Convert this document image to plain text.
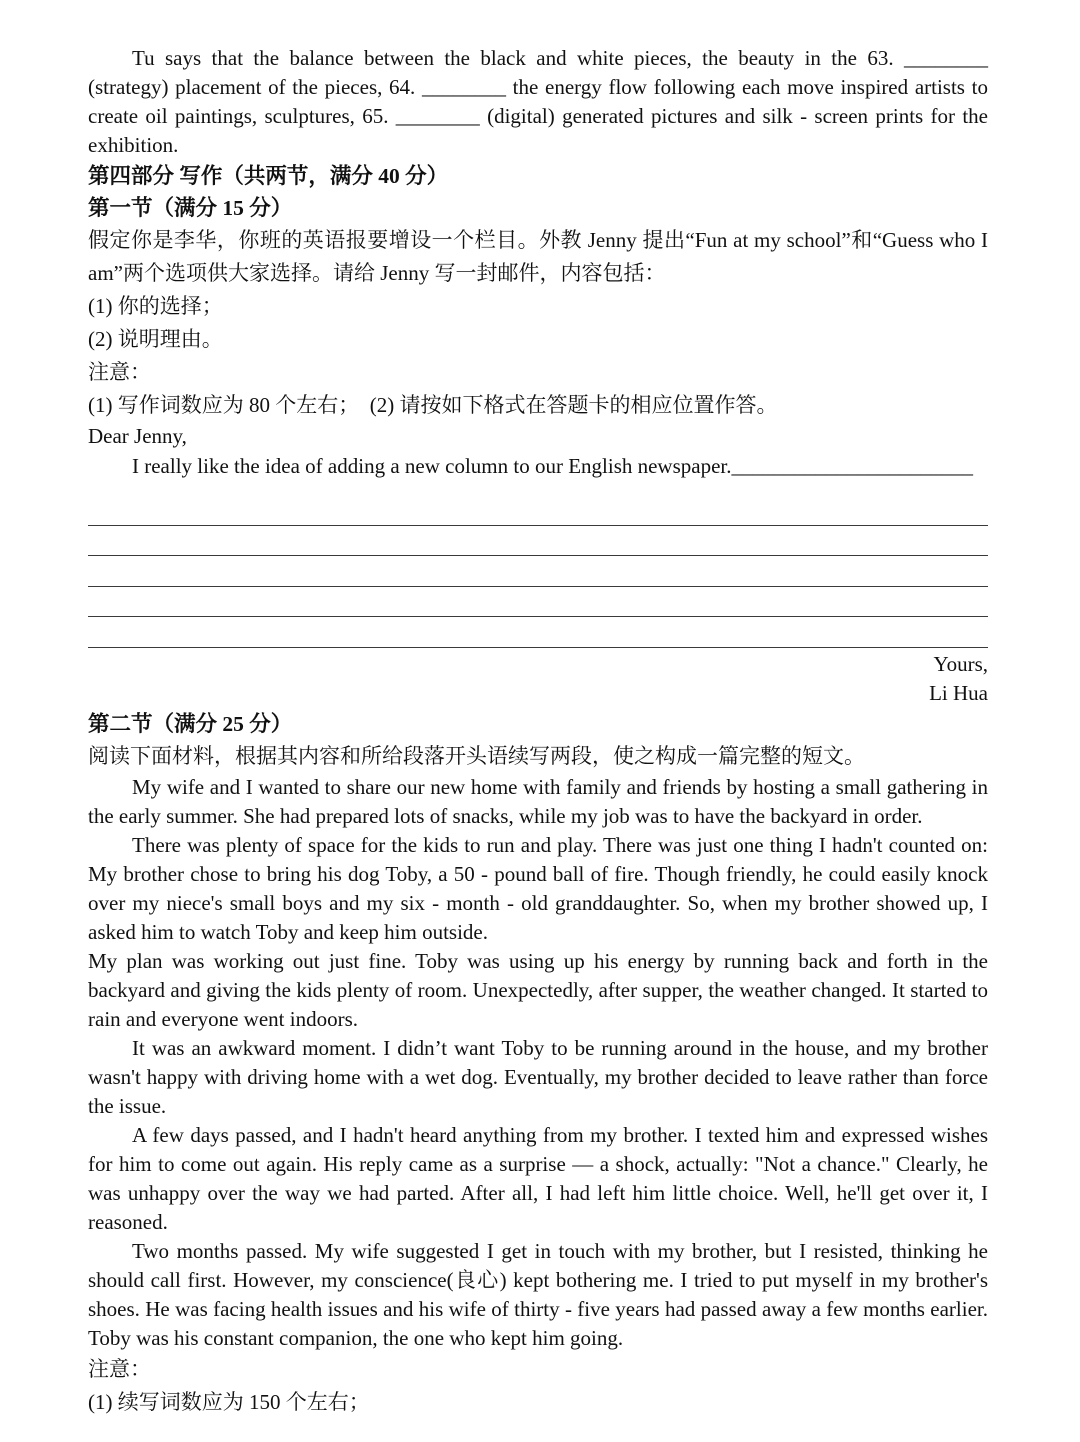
Tu says that the balance between the black and white pieces, the beauty in the 63. ________ (strategy) placement of the pieces, 64. ________ the energy flow following each move inspired artists to create oil paintings, sculptures, 65. ________ (digital) generated pictures and silk - screen prints for the exhibition.

第四部分 写作（共两节，满分 40 分）
第一节（满分 15 分）

假定你是李华，你班的英语报要增设一个栏目。外教 Jenny 提出“Fun at my school”和“Guess who I am”两个选项供大家选择。请给 Jenny 写一封邮件，内容包括：

(1) 你的选择；

(2) 说明理由。

注意：

(1) 写作词数应为 80 个左右；　(2) 请按如下格式在答题卡的相应位置作答。

Dear Jenny,

I really like the idea of adding a new column to our English newspaper._______________________

Yours,

Li Hua

第二节（满分 25 分）

阅读下面材料，根据其内容和所给段落开头语续写两段，使之构成一篇完整的短文。

My wife and I wanted to share our new home with family and friends by hosting a small gathering in the early summer. She had prepared lots of snacks, while my job was to have the backyard in order.

There was plenty of space for the kids to run and play. There was just one thing I hadn't counted on: My brother chose to bring his dog Toby, a 50 - pound ball of fire. Though friendly, he could easily knock over my niece's small boys and my six - month - old granddaughter. So, when my brother showed up, I asked him to watch Toby and keep him outside.

My plan was working out just fine. Toby was using up his energy by running back and forth in the backyard and giving the kids plenty of room. Unexpectedly, after supper, the weather changed. It started to rain and everyone went indoors.

It was an awkward moment. I didn’t want Toby to be running around in the house, and my brother wasn't happy with driving home with a wet dog. Eventually, my brother decided to leave rather than force the issue.

A few days passed, and I hadn't heard anything from my brother. I texted him and expressed wishes for him to come out again. His reply came as a surprise — a shock, actually: "Not a chance." Clearly, he was unhappy over the way we had parted. After all, I had left him little choice. Well, he'll get over it, I reasoned.

Two months passed. My wife suggested I get in touch with my brother, but I resisted, thinking he should call first. However, my conscience(良心) kept bothering me. I tried to put myself in my brother's shoes. He was facing health issues and his wife of thirty - five years had passed away a few months earlier. Toby was his constant companion, the one who kept him going.

注意：

(1) 续写词数应为 150 个左右；
